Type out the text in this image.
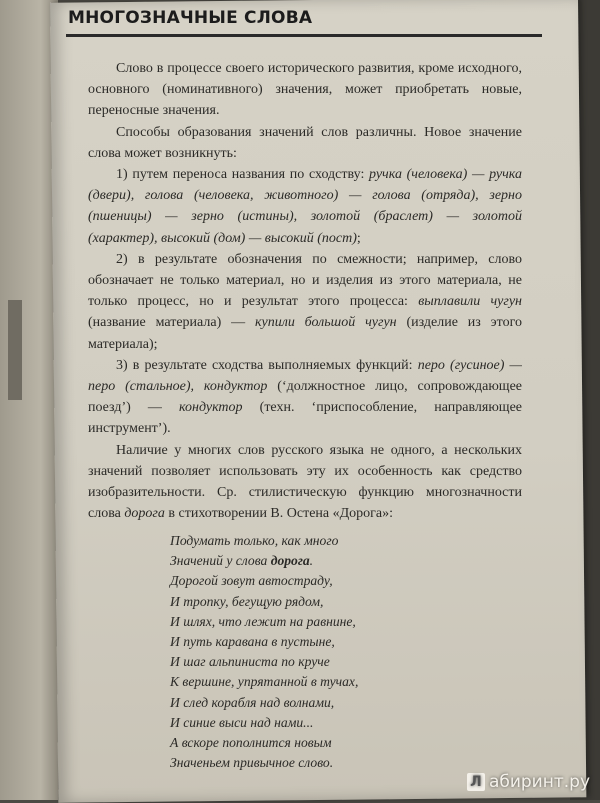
МНОГОЗНАЧНЫЕ СЛОВА

Слово в процессе своего исторического развития, кроме исходного, основного (номинативного) значения, может приобретать новые, переносные значения.

Способы образования значений слов различны. Новое значение слова может возникнуть:

1) путем переноса названия по сходству: ручка (человека) — ручка (двери), голова (человека, животного) — голова (отряда), зерно (пшеницы) — зерно (истины), золотой (браслет) — золотой (характер), высокий (дом) — высокий (пост);

2) в результате обозначения по смежности; например, слово обозначает не только материал, но и изделия из этого материала, не только процесс, но и результат этого процесса: выплавили чугун (название материала) — купили большой чугун (изделие из этого материала);

3) в результате сходства выполняемых функций: перо (гусиное) — перо (стальное), кондуктор (‘должностное лицо, сопровождающее поезд’) — кондуктор (техн. ‘приспособление, направляющее инструмент’).

Наличие у многих слов русского языка не одного, а нескольких значений позволяет использовать эту их особенность как средство изобразительности. Ср. стилистическую функцию многозначности слова дорога в стихотворении В. Остена «Дорога»:

Подумать только, как много
Значений у слова дорога.
Дорогой зовут автостраду,
И тропку, бегущую рядом,
И шлях, что лежит на равнине,
И путь каравана в пустыне,
И шаг альпиниста по круче
К вершине, упрятанной в тучах,
И след корабля над волнами,
И синие выси над нами...
А вскоре пополнится новым
Значеньем привычное слово.
Л абиринт.ру
